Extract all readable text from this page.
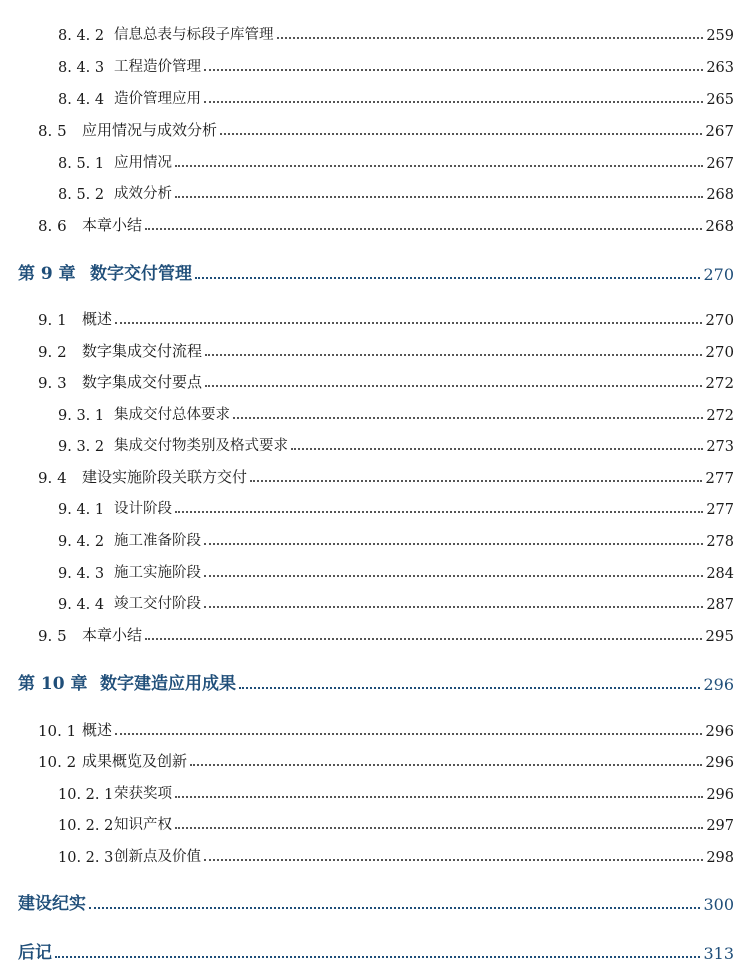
8. 4. 2 信息总表与标段子库管理	259
8. 4. 3 工程造价管理	263
8. 4. 4 造价管理应用	265
8. 5	应用情况与成效分析	267
8. 5. 1 应用情况	267
8. 5. 2 成效分析	268
8. 6	本章小结	268
第 9 章 数字交付管理	270
9. 1	概述	270
9. 2	数字集成交付流程	270
9. 3	数字集成交付要点	272
9. 3. 1 集成交付总体要求	272
9. 3. 2 集成交付物类别及格式要求	273
9. 4	建设实施阶段关联方交付	277
9. 4. 1 设计阶段	277
9. 4. 2 施工准备阶段	278
9. 4. 3 施工实施阶段	284
9. 4. 4 竣工交付阶段	287
9. 5	本章小结	295
第 10 章 数字建造应用成果	296
10. 1 概述	296
10. 2 成果概览及创新	296
10. 2. 1 荣获奖项	296
10. 2. 2 知识产权	297
10. 2. 3 创新点及价值	298
建设纪实	300
后记	313
